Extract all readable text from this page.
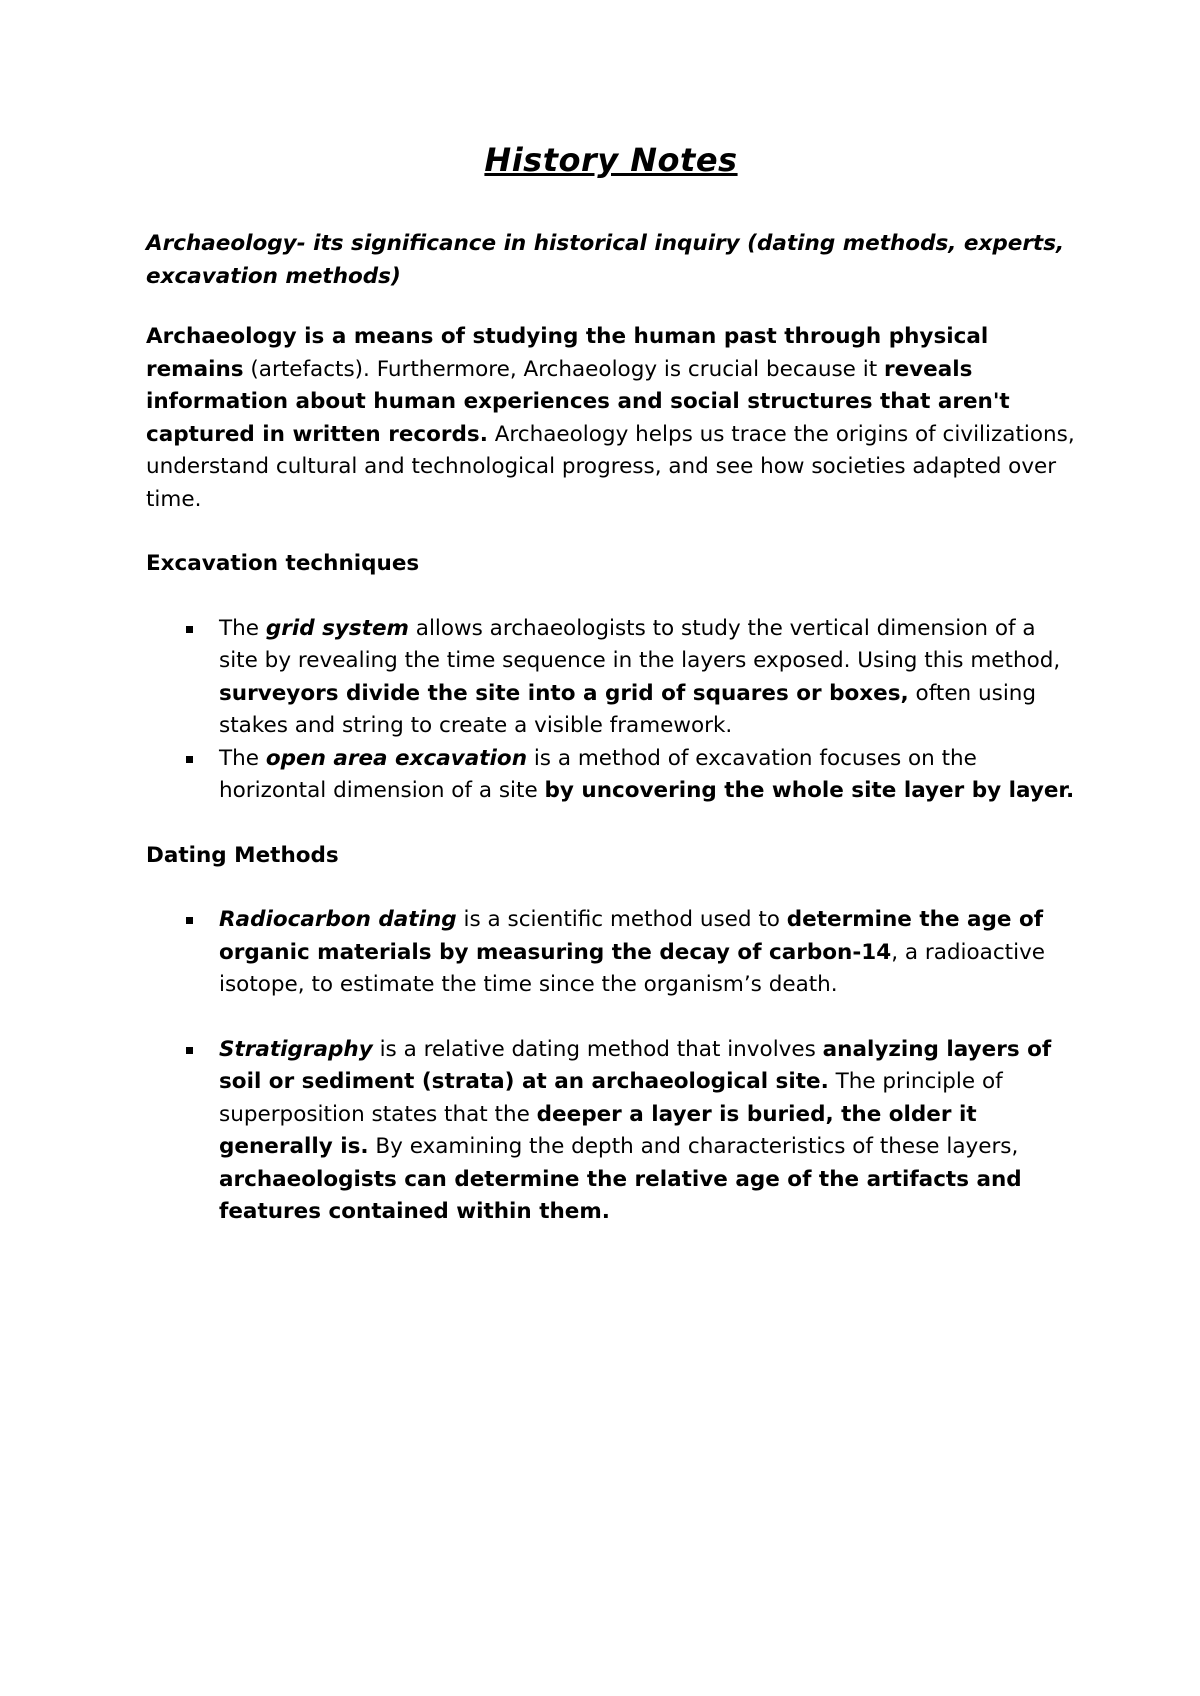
History Notes
Archaeology- its significance in historical inquiry (dating methods, experts, excavation methods)
Archaeology is a means of studying the human past through physical remains (artefacts). Furthermore, Archaeology is crucial because it reveals information about human experiences and social structures that aren't captured in written records. Archaeology helps us trace the origins of civilizations, understand cultural and technological progress, and see how societies adapted over time.
Excavation techniques
The grid system allows archaeologists to study the vertical dimension of a site by revealing the time sequence in the layers exposed. Using this method, surveyors divide the site into a grid of squares or boxes, often using stakes and string to create a visible framework.
The open area excavation is a method of excavation focuses on the horizontal dimension of a site by uncovering the whole site layer by layer.
Dating Methods
Radiocarbon dating is a scientific method used to determine the age of organic materials by measuring the decay of carbon-14, a radioactive isotope, to estimate the time since the organism’s death.
Stratigraphy is a relative dating method that involves analyzing layers of soil or sediment (strata) at an archaeological site. The principle of superposition states that the deeper a layer is buried, the older it generally is. By examining the depth and characteristics of these layers, archaeologists can determine the relative age of the artifacts and features contained within them.
